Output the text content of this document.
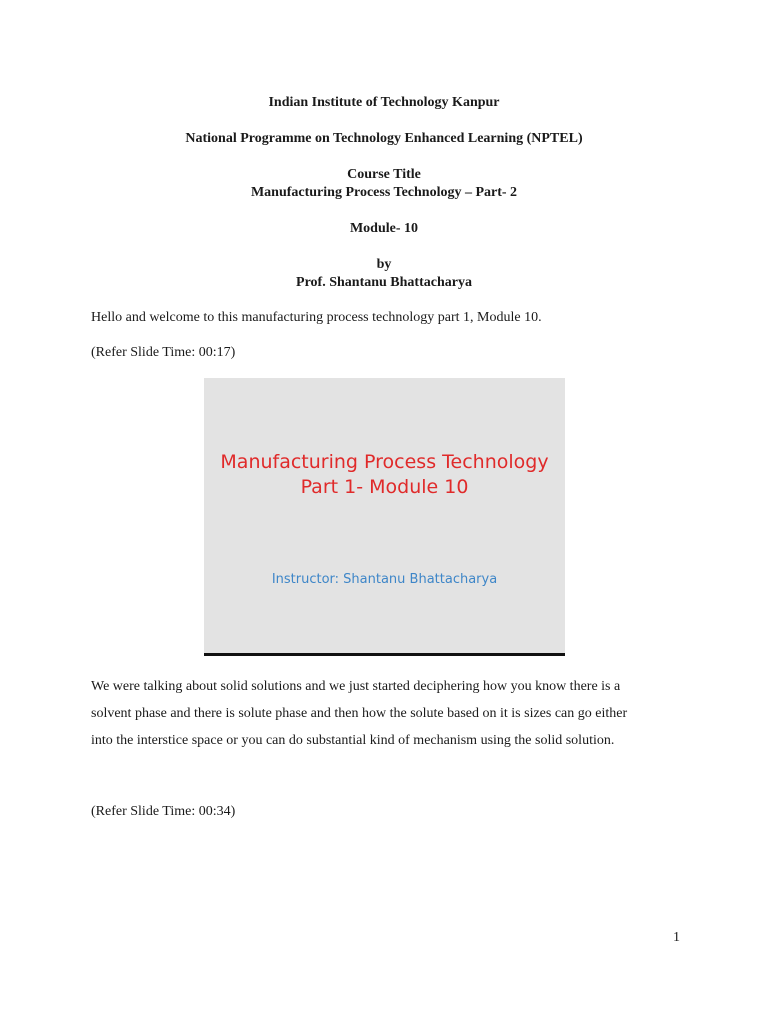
Indian Institute of Technology Kanpur
National Programme on Technology Enhanced Learning (NPTEL)
Course Title
Manufacturing Process Technology – Part- 2
Module- 10
by
Prof. Shantanu Bhattacharya
Hello and welcome to this manufacturing process technology part 1, Module 10.
(Refer Slide Time: 00:17)
Manufacturing Process Technology
Part 1- Module 10
Instructor: Shantanu Bhattacharya
We were talking about solid solutions and we just started deciphering how you know there is a
solvent phase and there is solute phase and then how the solute based on it is sizes can go either
into the interstice space or you can do substantial kind of mechanism using the solid solution.
(Refer Slide Time: 00:34)
1
